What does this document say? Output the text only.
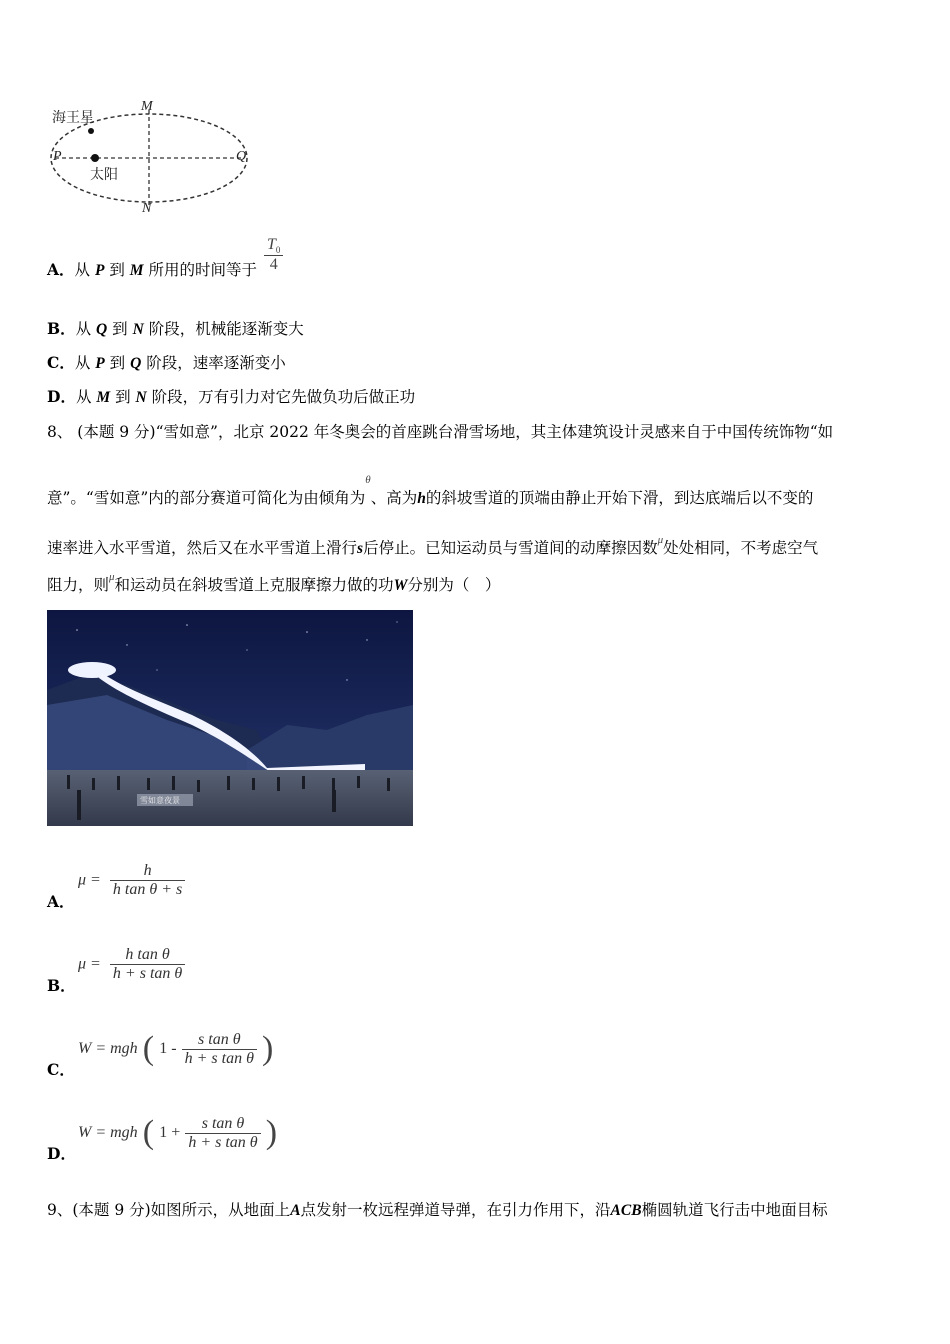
海王星
M
P
太阳
Q
N
A．从 P 到 M 所用的时间等于 $\frac{T_0}{4}$
B．从 Q 到 N 阶段，机械能逐渐变大
C．从 P 到 Q 阶段，速率逐渐变小
D．从 M 到 N 阶段，万有引力对它先做负功后做正功
8、 (本题 9 分)“雪如意”，北京 2022 年冬奥会的首座跳台滑雪场地，其主体建筑设计灵感来自于中国传统饰物“如
意”。“雪如意”内的部分赛道可简化为由倾角为$^\theta$、高为h的斜坡雪道的顶端由静止开始下滑，到达底端后以不变的
速率进入水平雪道，然后又在水平雪道上滑行s后停止。已知运动员与雪道间的动摩擦因数$^\mu$处处相同，不考虑空气
阻力，则$^\mu$和运动员在斜坡雪道上克服摩擦力做的功W分别为（　）
雪如意夜景
A．
$\mu = \frac{h}{\text{h tan θ + s}}$
B．
$\mu = \frac{\text{h tan θ}}{\text{h + s tan θ}}$
C．
W = mgh ( $1 - \frac{\text{s tan θ}}{\text{h + s tan θ}}$ )
D．
W = mgh ( $1 + \frac{\text{s tan θ}}{\text{h + s tan θ}}$ )
9、(本题 9 分)如图所示，从地面上A点发射一枚远程弹道导弹，在引力作用下，沿ACB椭圆轨道飞行击中地面目标
